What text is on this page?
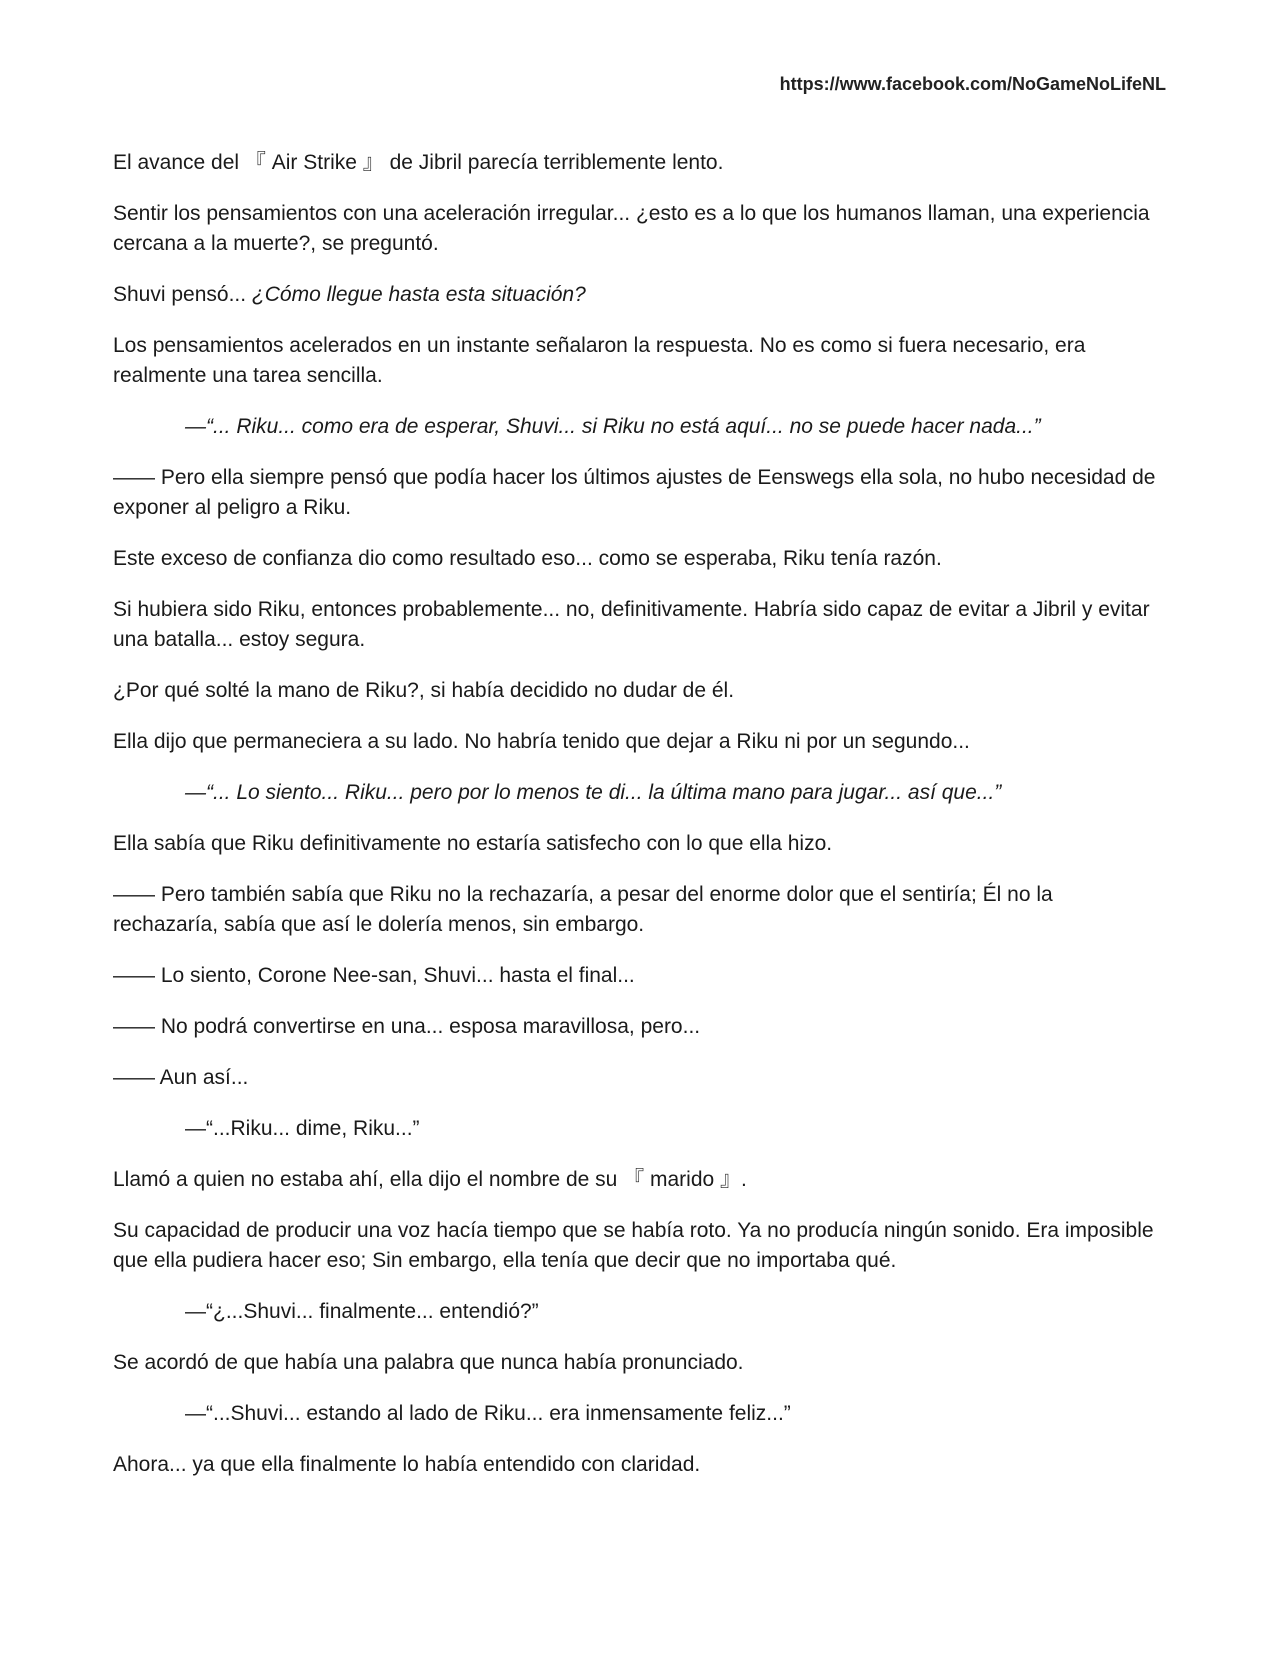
https://www.facebook.com/NoGameNoLifeNL

El avance del 『 Air Strike 』 de Jibril parecía terriblemente lento.

Sentir los pensamientos con una aceleración irregular... ¿esto es a lo que los humanos llaman, una experiencia cercana a la muerte?, se preguntó.

Shuvi pensó... ¿Cómo llegue hasta esta situación?

Los pensamientos acelerados en un instante señalaron la respuesta. No es como si fuera necesario, era realmente una tarea sencilla.

—“... Riku... como era de esperar, Shuvi... si Riku no está aquí... no se puede hacer nada...”

—— Pero ella siempre pensó que podía hacer los últimos ajustes de Eenswegs ella sola, no hubo necesidad de exponer al peligro a Riku.

Este exceso de confianza dio como resultado eso... como se esperaba, Riku tenía razón.

Si hubiera sido Riku, entonces probablemente... no, definitivamente. Habría sido capaz de evitar a Jibril y evitar una batalla... estoy segura.

¿Por qué solté la mano de Riku?, si había decidido no dudar de él.

Ella dijo que permaneciera a su lado. No habría tenido que dejar a Riku ni por un segundo...

—“... Lo siento... Riku... pero por lo menos te di... la última mano para jugar... así que...”

Ella sabía que Riku definitivamente no estaría satisfecho con lo que ella hizo.

—— Pero también sabía que Riku no la rechazaría, a pesar del enorme dolor que el sentiría; Él no la rechazaría, sabía que así le dolería menos, sin embargo.

—— Lo siento, Corone Nee-san, Shuvi... hasta el final...

—— No podrá convertirse en una... esposa maravillosa, pero...

—— Aun así...

—“...Riku... dime, Riku...”

Llamó a quien no estaba ahí, ella dijo el nombre de su 『 marido 』.

Su capacidad de producir una voz hacía tiempo que se había roto. Ya no producía ningún sonido. Era imposible que ella pudiera hacer eso; Sin embargo, ella tenía que decir que no importaba qué.

—“¿...Shuvi... finalmente... entendió?”

Se acordó de que había una palabra que nunca había pronunciado.

—“...Shuvi... estando al lado de Riku... era inmensamente feliz...”

Ahora... ya que ella finalmente lo había entendido con claridad.
